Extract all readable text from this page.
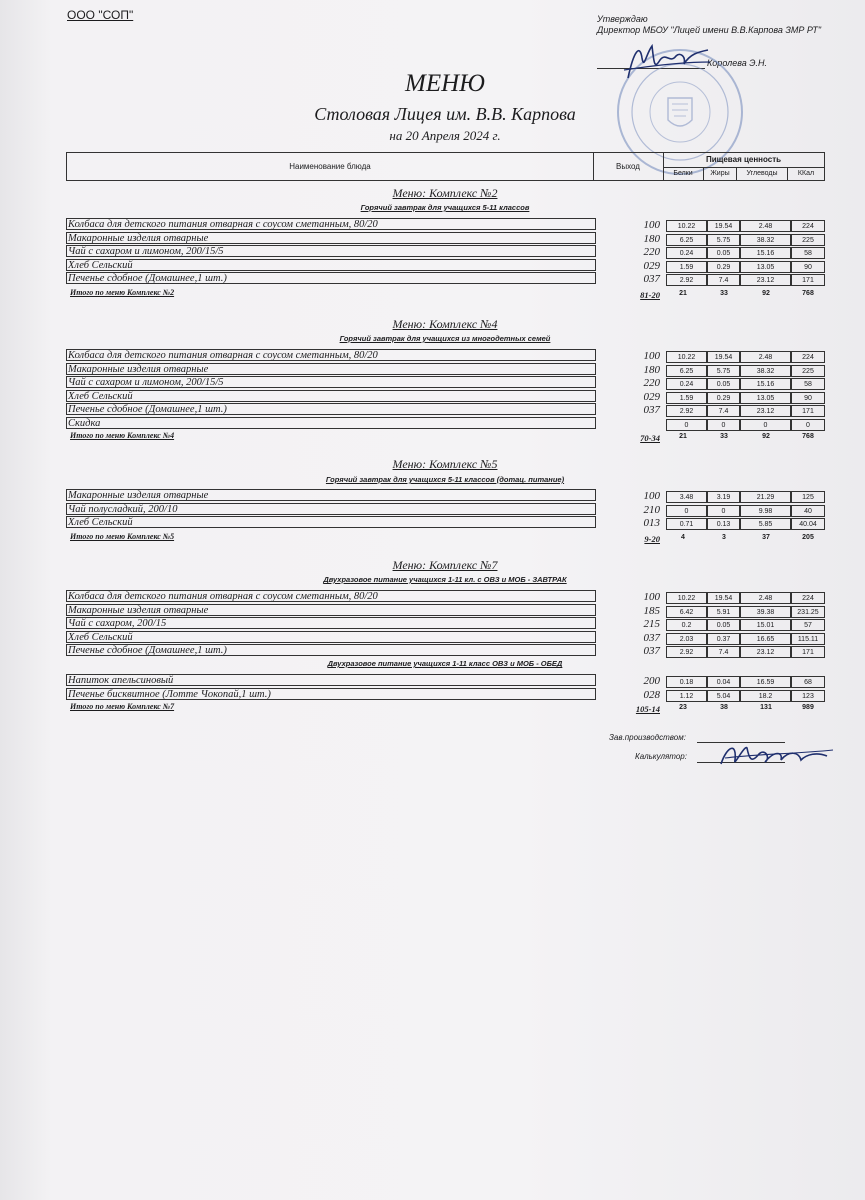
ООО "СОП"	Утверждаю
Директор МБОУ "Лицей имени В.В.Карпова ЗМР РТ"
Королева Э.Н.
МЕНЮ
Столовая Лицея им. В.В. Карпова
на 20 Апреля 2024 г.
Наименование блюда	Выход
Пищевая ценность
Белки	Жиры	Углеводы	ККал
Меню: Комплекс №2
Горячий завтрак для учащихся 5-11 классов
Колбаса для детского питания отварная с соусом сметанным, 80/20	100	10.22	19.54	2.48	224
Макаронные изделия отварные	180	6.25	5.75	38.32	225
Чай с сахаром и лимоном, 200/15/5	220	0.24	0.05	15.16	58
Хлеб Сельский	029	1.59	0.29	13.05	90
Печенье сдобное (Домашнее,1 шт.)	037	2.92	7.4	23.12	171
Итого по меню Комплекс №2	81-20	21	33	92	768
Меню: Комплекс №4
Горячий завтрак для учащихся из многодетных семей
Колбаса для детского питания отварная с соусом сметанным, 80/20	100	10.22	19.54	2.48	224
Макаронные изделия отварные	180	6.25	5.75	38.32	225
Чай с сахаром и лимоном, 200/15/5	220	0.24	0.05	15.16	58
Хлеб Сельский	029	1.59	0.29	13.05	90
Печенье сдобное (Домашнее,1 шт.)	037	2.92	7.4	23.12	171
Скидка	0	0	0	0
Итого по меню Комплекс №4	70-34	21	33	92	768
Меню: Комплекс №5
Горячий завтрак для учащихся 5-11 классов (дотац. питание)
Макаронные изделия отварные	100	3.48	3.19	21.29	125
Чай полусладкий, 200/10	210	0	0	9.98	40
Хлеб Сельский	013	0.71	0.13	5.85	40.04
Итого по меню Комплекс №5	9-20	4	3	37	205
Меню: Комплекс №7
Двухразовое питание учащихся 1-11 кл. с ОВЗ и МОБ - ЗАВТРАК
Колбаса для детского питания отварная с соусом сметанным, 80/20	100	10.22	19.54	2.48	224
Макаронные изделия отварные	185	6.42	5.91	39.38	231.25
Чай с сахаром, 200/15	215	0.2	0.05	15.01	57
Хлеб Сельский	037	2.03	0.37	16.65	115.11
Печенье сдобное (Домашнее,1 шт.)	037	2.92	7.4	23.12	171
Двухразовое питание учащихся 1-11 класс ОВЗ и МОБ - ОБЕД
Напиток апельсиновый	200	0.18	0.04	16.59	68
Печенье бисквитное (Лотте Чокопай,1 шт.)	028	1.12	5.04	18.2	123
Итого по меню Комплекс №7	105-14	23	38	131	989
Зав.производством:
Калькулятор:
